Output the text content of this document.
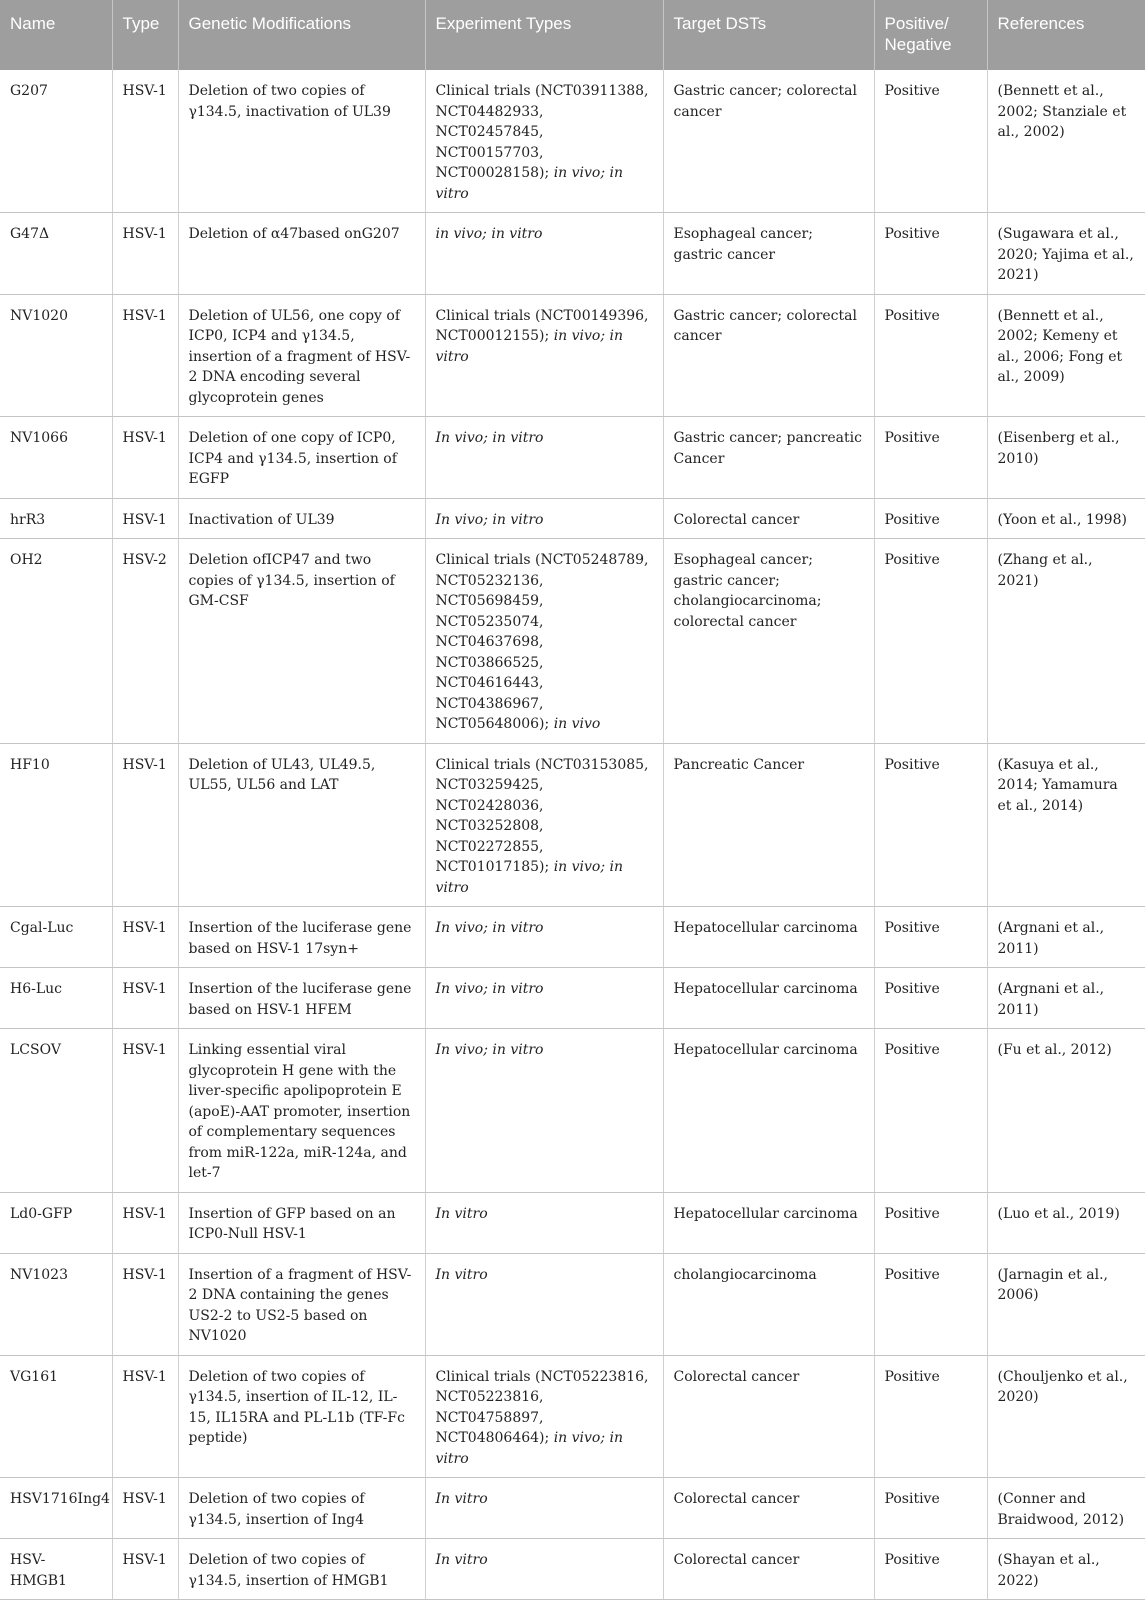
Name	Type	Genetic Modifications	Experiment Types	Target DSTs	Positive/ Negative	References
G207	HSV-1	Deletion of two copies of γ134.5, inactivation of UL39	Clinical trials (NCT03911388, NCT04482933, NCT02457845, NCT00157703, NCT00028158); in vivo; in vitro	Gastric cancer; colorectal cancer	Positive	(Bennett et al., 2002; Stanziale et al., 2002)
G47Δ	HSV-1	Deletion of α47based onG207	in vivo; in vitro	Esophageal cancer; gastric cancer	Positive	(Sugawara et al., 2020; Yajima et al., 2021)
NV1020	HSV-1	Deletion of UL56, one copy of ICP0, ICP4 and γ134.5, insertion of a fragment of HSV-2 DNA encoding several glycoprotein genes	Clinical trials (NCT00149396, NCT00012155); in vivo; in vitro	Gastric cancer; colorectal cancer	Positive	(Bennett et al., 2002; Kemeny et al., 2006; Fong et al., 2009)
NV1066	HSV-1	Deletion of one copy of ICP0, ICP4 and γ134.5, insertion of EGFP	In vivo; in vitro	Gastric cancer; pancreatic Cancer	Positive	(Eisenberg et al., 2010)
hrR3	HSV-1	Inactivation of UL39	In vivo; in vitro	Colorectal cancer	Positive	(Yoon et al., 1998)
OH2	HSV-2	Deletion ofICP47 and two copies of γ134.5, insertion of GM-CSF	Clinical trials (NCT05248789, NCT05232136, NCT05698459, NCT05235074, NCT04637698, NCT03866525, NCT04616443, NCT04386967, NCT05648006); in vivo	Esophageal cancer; gastric cancer; cholangiocarcinoma; colorectal cancer	Positive	(Zhang et al., 2021)
HF10	HSV-1	Deletion of UL43, UL49.5, UL55, UL56 and LAT	Clinical trials (NCT03153085, NCT03259425, NCT02428036, NCT03252808, NCT02272855, NCT01017185); in vivo; in vitro	Pancreatic Cancer	Positive	(Kasuya et al., 2014; Yamamura et al., 2014)
Cgal-Luc	HSV-1	Insertion of the luciferase gene based on HSV-1 17syn+	In vivo; in vitro	Hepatocellular carcinoma	Positive	(Argnani et al., 2011)
H6-Luc	HSV-1	Insertion of the luciferase gene based on HSV-1 HFEM	In vivo; in vitro	Hepatocellular carcinoma	Positive	(Argnani et al., 2011)
LCSOV	HSV-1	Linking essential viral glycoprotein H gene with the liver-specific apolipoprotein E (apoE)-AAT promoter, insertion of complementary sequences from miR-122a, miR-124a, and let-7	In vivo; in vitro	Hepatocellular carcinoma	Positive	(Fu et al., 2012)
Ld0-GFP	HSV-1	Insertion of GFP based on an ICP0-Null HSV-1	In vitro	Hepatocellular carcinoma	Positive	(Luo et al., 2019)
NV1023	HSV-1	Insertion of a fragment of HSV-2 DNA containing the genes US2-2 to US2-5 based on NV1020	In vitro	cholangiocarcinoma	Positive	(Jarnagin et al., 2006)
VG161	HSV-1	Deletion of two copies of γ134.5, insertion of IL-12, IL-15, IL15RA and PL-L1b (TF-Fc peptide)	Clinical trials (NCT05223816, NCT05223816, NCT04758897, NCT04806464); in vivo; in vitro	Colorectal cancer	Positive	(Chouljenko et al., 2020)
HSV1716Ing4	HSV-1	Deletion of two copies of γ134.5, insertion of Ing4	In vitro	Colorectal cancer	Positive	(Conner and Braidwood, 2012)
HSV-HMGB1	HSV-1	Deletion of two copies of γ134.5, insertion of HMGB1	In vitro	Colorectal cancer	Positive	(Shayan et al., 2022)
